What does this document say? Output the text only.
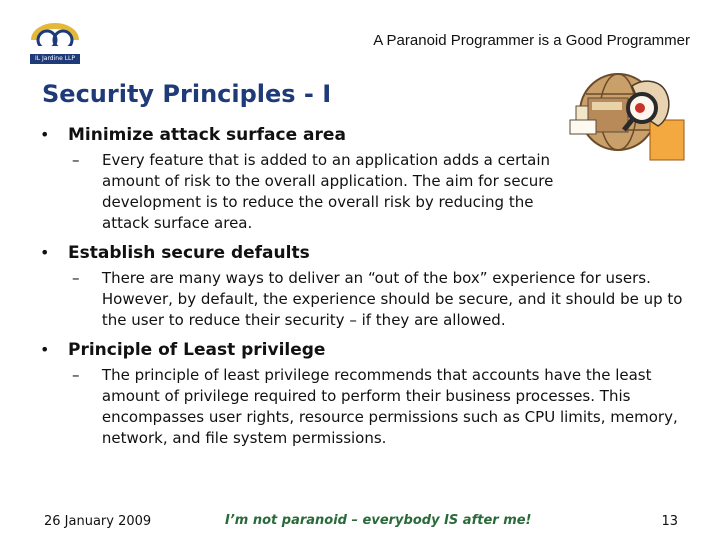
IL Jardine LLP
A Paranoid Programmer is a Good Programmer
Security Principles - I
•	Minimize attack surface area
–	Every feature that is added to an application adds a certain amount of risk to the overall application. The aim for secure development is to reduce the overall risk by reducing the attack surface area.
•	Establish secure defaults
–	There are many ways to deliver an “out of the box” experience for users. However, by default, the experience should be secure, and it should be up to the user to reduce their security – if they are allowed.
•	Principle of Least privilege
–	The principle of least privilege recommends that accounts have the least amount of privilege required to perform their business processes. This encompasses user rights, resource permissions such as CPU limits, memory, network, and file system permissions.
26 January 2009	I’m not paranoid – everybody IS after me!	13
